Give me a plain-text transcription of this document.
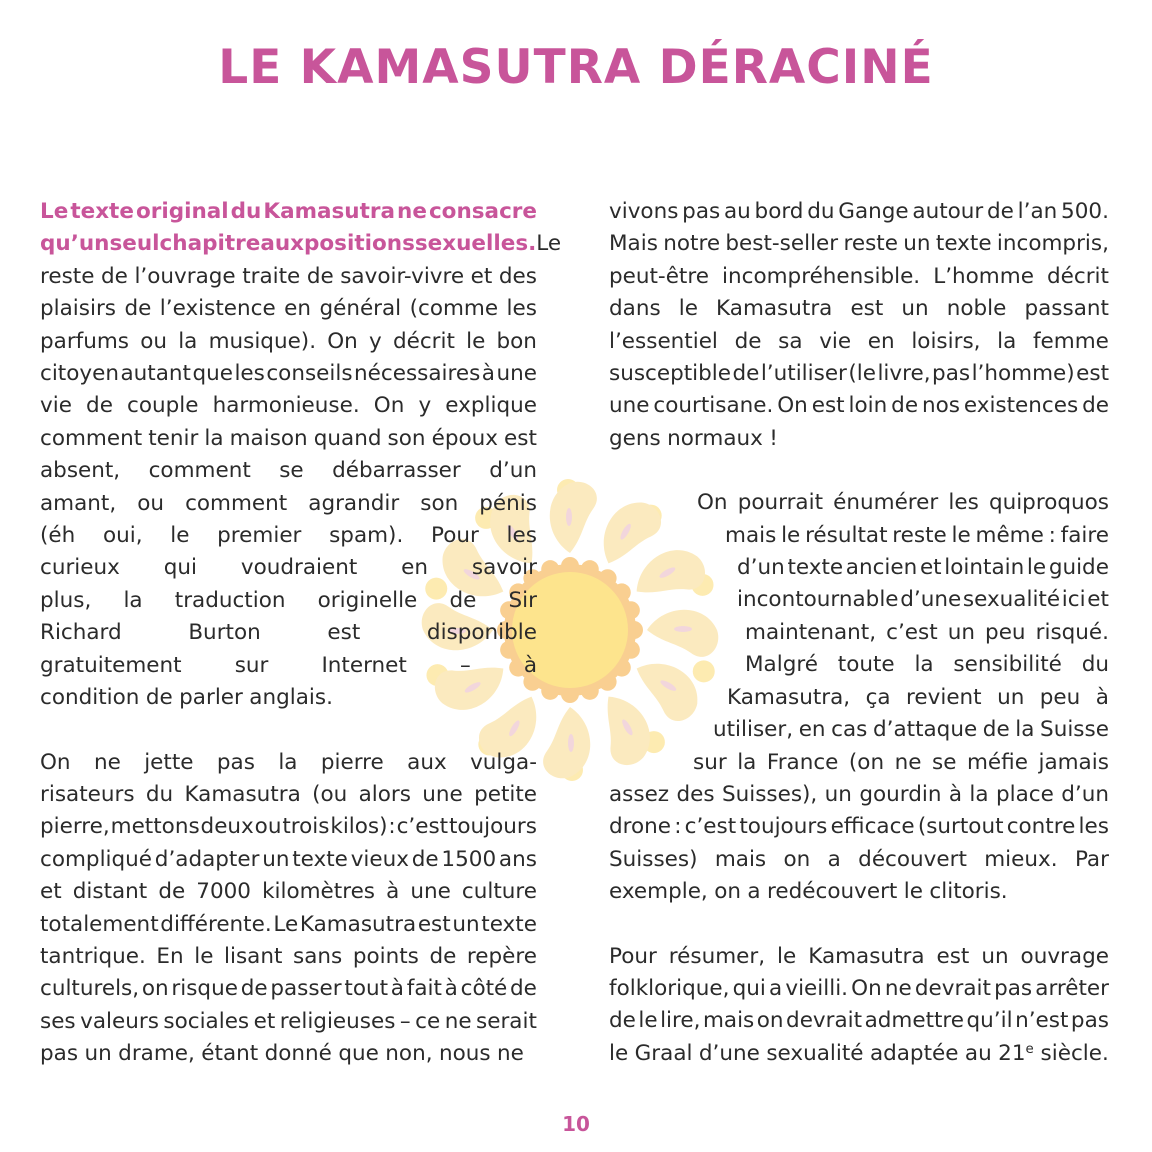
LE KAMASUTRA DÉRACINÉ

Le texte original du Kamasutra ne consacre
qu’un seul chapitre aux positions sexuelles. Le
reste de l’ouvrage traite de savoir-vivre et des
plaisirs de l’existence en général (comme les
parfums ou la musique). On y décrit le bon
citoyen autant que les conseils nécessaires à une
vie de couple harmonieuse. On y explique
comment tenir la maison quand son époux est
absent, comment se débarrasser d’un
amant, ou comment agrandir son pénis
(éh oui, le premier spam). Pour les
curieux qui voudraient en savoir
plus, la traduction originelle de Sir
Richard	Burton	est	disponible
gratuitement sur Internet – à
condition de parler anglais.

On ne jette pas la pierre aux vulga-
risateurs du Kamasutra (ou alors une petite
pierre, mettons deux ou trois kilos) : c’est toujours
compliqué d’adapter un texte vieux de 1500 ans
et distant de 7000 kilomètres à une culture
totalement différente. Le Kamasutra est un texte
tantrique. En le lisant sans points de repère
culturels, on risque de passer tout à fait à côté de
ses valeurs sociales et religieuses – ce ne serait
pas un drame, étant donné que non, nous ne

vivons pas au bord du Gange autour de l’an 500.
Mais notre best-seller reste un texte incompris,
peut-être incompréhensible. L’homme décrit
dans le Kamasutra est un noble passant
l’essentiel de sa vie en loisirs, la femme
susceptible de l’utiliser (le livre, pas l’homme) est
une courtisane. On est loin de nos existences de
gens normaux !

On pourrait énumérer les quiproquos
mais le résultat reste le même : faire
d’un texte ancien et lointain le guide
incontournable d’une sexualité ici et
maintenant, c’est un peu risqué.
Malgré toute la sensibilité du
Kamasutra, ça revient un peu à
utiliser, en cas d’attaque de la Suisse
sur la France (on ne se méfie jamais
assez des Suisses), un gourdin à la place d’un
drone : c’est toujours efficace (surtout contre les
Suisses) mais on a découvert mieux. Par
exemple, on a redécouvert le clitoris.

Pour résumer, le Kamasutra est un ouvrage
folklorique, qui a vieilli. On ne devrait pas arrêter
de le lire, mais on devrait admettre qu’il n’est pas
le Graal d’une sexualité adaptée au 21e siècle.

10
